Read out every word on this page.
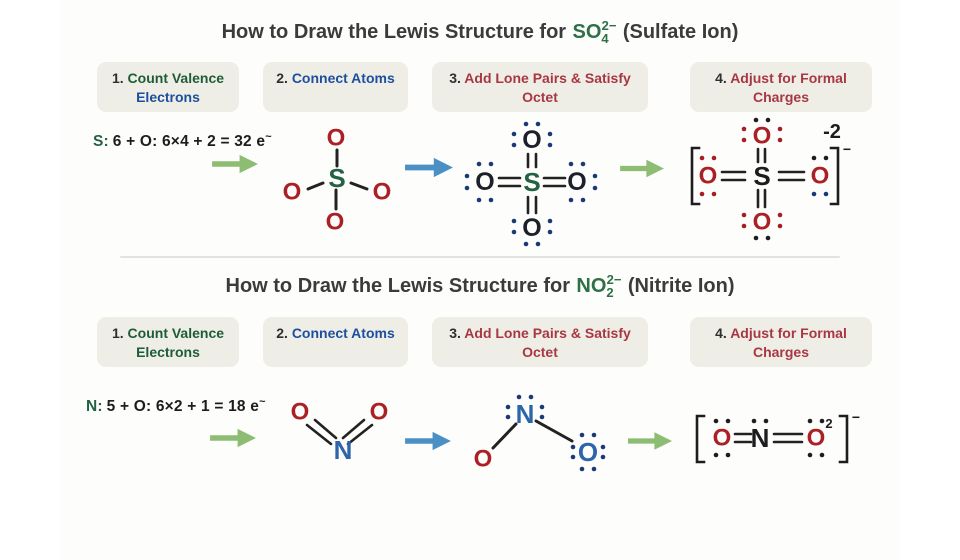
How to Draw the Lewis Structure for $SO_4^{2-}$ (Sulfate Ion)
1. Count Valence
Electrons
2. Connect Atoms	3. Add Lone Pairs & Satisfy
Octet
4. Adjust for Formal
Charges
S: 6 + O: 6×4 + 2 = 32 e~
S
O
O	O
O
S
O
O	O
O
S
O
O	O
O
-2
−
How to Draw the Lewis Structure for $NO_2^{2-}$ (Nitrite Ion)
1. Count Valence
Electrons
2. Connect Atoms	3. Add Lone Pairs & Satisfy
Octet
4. Adjust for Formal
Charges
N: 5 + O: 6×2 + 1 = 18 e~
N
O	O	N
O	O	O N O
2 −
